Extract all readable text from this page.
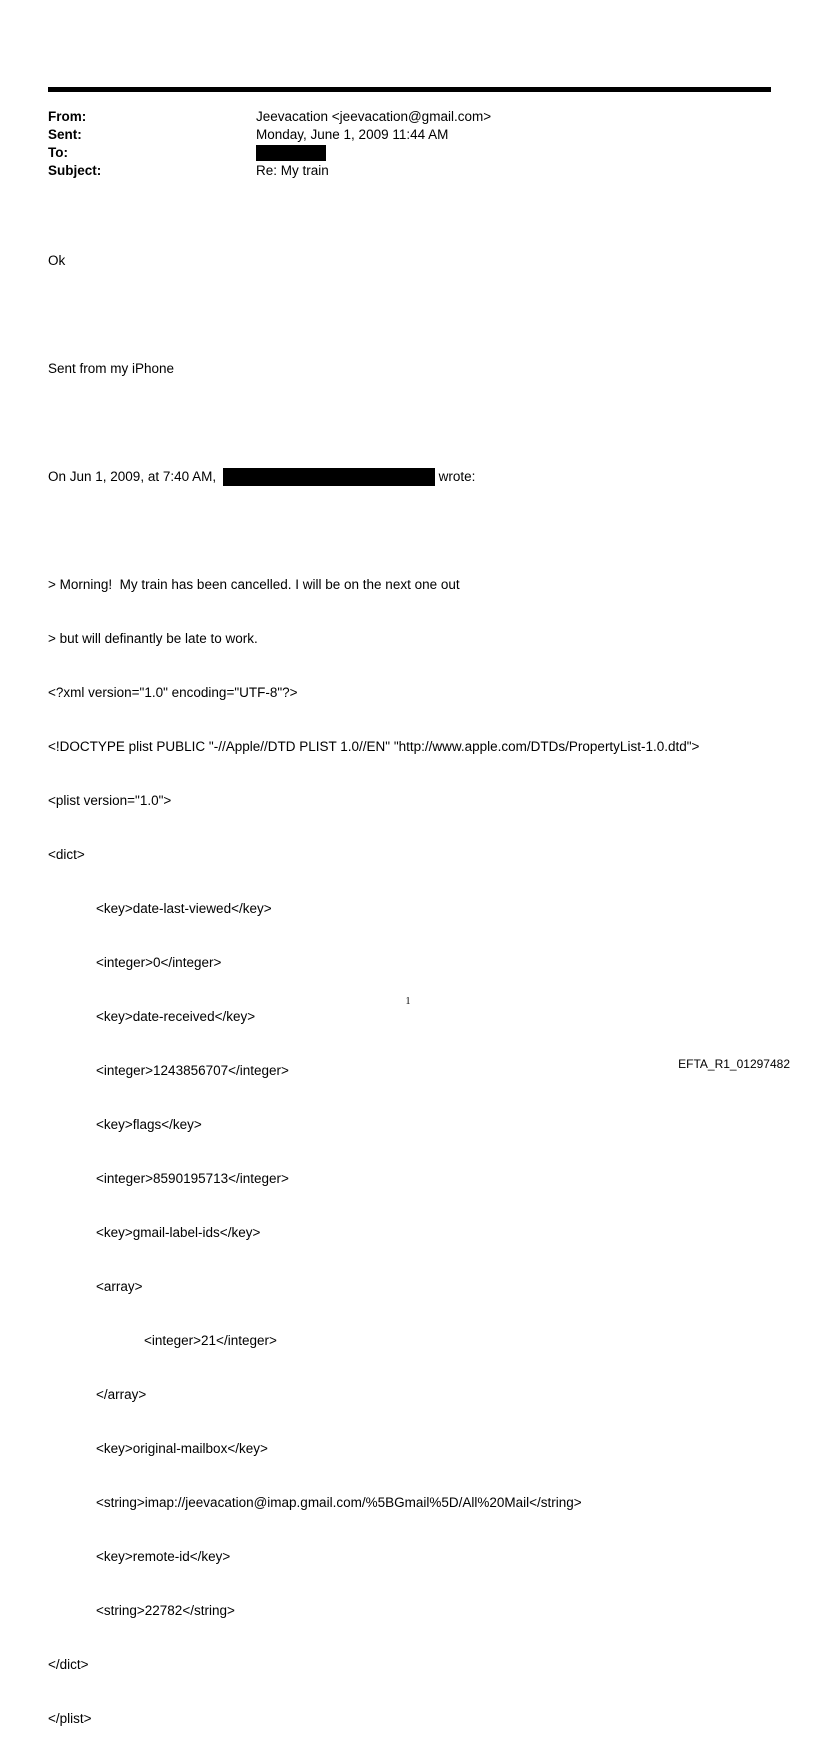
From:	Jeevacation <jeevacation@gmail.com>
Sent:	Monday, June 1, 2009 11:44 AM
To:
Subject:	Re: My train

Ok

Sent from my iPhone

On Jun 1, 2009, at 7:40 AM,	wrote:

> Morning!  My train has been cancelled. I will be on the next one out

> but will definantly be late to work.

<?xml version="1.0" encoding="UTF-8"?>

<!DOCTYPE plist PUBLIC "-//Apple//DTD PLIST 1.0//EN" "http://www.apple.com/DTDs/PropertyList-1.0.dtd">

<plist version="1.0">

<dict>

<key>date-last-viewed</key>

<integer>0</integer>

<key>date-received</key>

<integer>1243856707</integer>

<key>flags</key>

<integer>8590195713</integer>

<key>gmail-label-ids</key>

<array>

<integer>21</integer>

</array>

<key>original-mailbox</key>

<string>imap://jeevacation@imap.gmail.com/%5BGmail%5D/All%20Mail</string>

<key>remote-id</key>

<string>22782</string>

</dict>

</plist>

1
EFTA_R1_01297482
